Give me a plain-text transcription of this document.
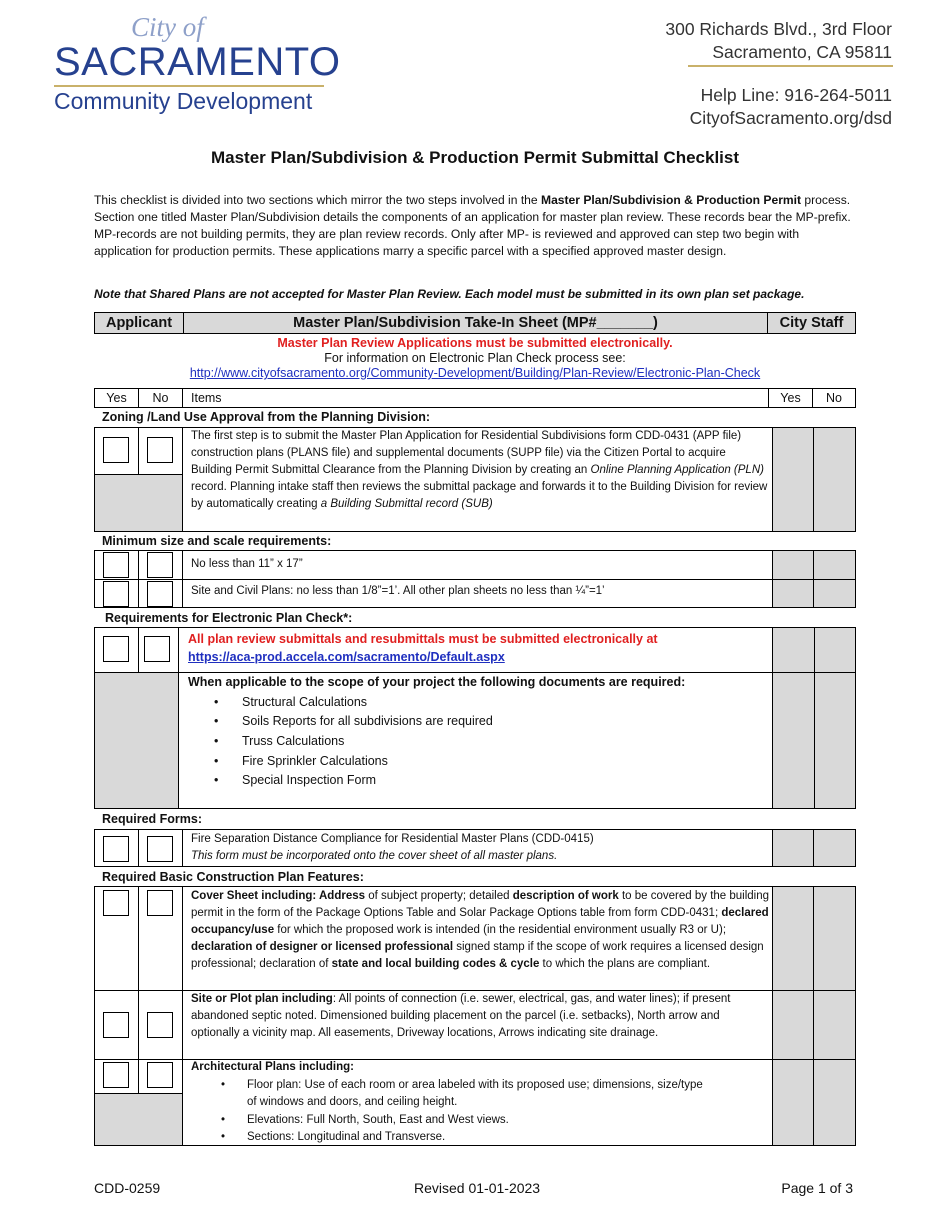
City of
SACRAMENTO
Community Development
300 Richards Blvd., 3rd Floor
Sacramento, CA 95811
Help Line: 916-264-5011
CityofSacramento.org/dsd
Master Plan/Subdivision & Production Permit Submittal Checklist
This checklist is divided into two sections which mirror the two steps involved in the Master Plan/Subdivision & Production Permit process. Section one titled Master Plan/Subdivision details the components of an application for master plan review. These records bear the MP-prefix. MP-records are not building permits, they are plan review records. Only after MP- is reviewed and approved can step two begin with application for production permits. These applications marry a specific parcel with a specified approved master design.
Note that Shared Plans are not accepted for Master Plan Review. Each model must be submitted in its own plan set package.
Applicant	Master Plan/Subdivision Take-In Sheet (MP#_______)	City Staff
Master Plan Review Applications must be submitted electronically.
For information on Electronic Plan Check process see:
http://www.cityofsacramento.org/Community-Development/Building/Plan-Review/Electronic-Plan-Check
Yes	No	Items	Yes	No
Zoning /Land Use Approval from the Planning Division:
The first step is to submit the Master Plan Application for Residential Subdivisions form CDD-0431 (APP file) construction plans (PLANS file) and supplemental documents (SUPP file) via the Citizen Portal to acquire Building Permit Submittal Clearance from the Planning Division by creating an Online Planning Application (PLN) record. Planning intake staff then reviews the submittal package and forwards it to the Building Division for review by automatically creating a Building Submittal record (SUB)
Minimum size and scale requirements:
No less than 11” x 17”
Site and Civil Plans: no less than 1/8”=1’. All other plan sheets no less than ¼”=1’
Requirements for Electronic Plan Check*:
All plan review submittals and resubmittals must be submitted electronically at
https://aca-prod.accela.com/sacramento/Default.aspx
When applicable to the scope of your project the following documents are required:
• Structural Calculations
• Soils Reports for all subdivisions are required
• Truss Calculations
• Fire Sprinkler Calculations
• Special Inspection Form
Required Forms:
Fire Separation Distance Compliance for Residential Master Plans (CDD-0415)
This form must be incorporated onto the cover sheet of all master plans.
Required Basic Construction Plan Features:
Cover Sheet including: Address of subject property; detailed description of work to be covered by the building permit in the form of the Package Options Table and Solar Package Options table from form CDD-0431; declared occupancy/use for which the proposed work is intended (in the residential environment usually R3 or U); declaration of designer or licensed professional signed stamp if the scope of work requires a licensed design professional; declaration of state and local building codes & cycle to which the plans are compliant.
Site or Plot plan including: All points of connection (i.e. sewer, electrical, gas, and water lines); if present abandoned septic noted. Dimensioned building placement on the parcel (i.e. setbacks), North arrow and optionally a vicinity map. All easements, Driveway locations, Arrows indicating site drainage.
Architectural Plans including:
• Floor plan: Use of each room or area labeled with its proposed use; dimensions, size/type of windows and doors, and ceiling height.
• Elevations: Full North, South, East and West views.
• Sections: Longitudinal and Transverse.
CDD-0259	Revised 01-01-2023	Page 1 of 3
